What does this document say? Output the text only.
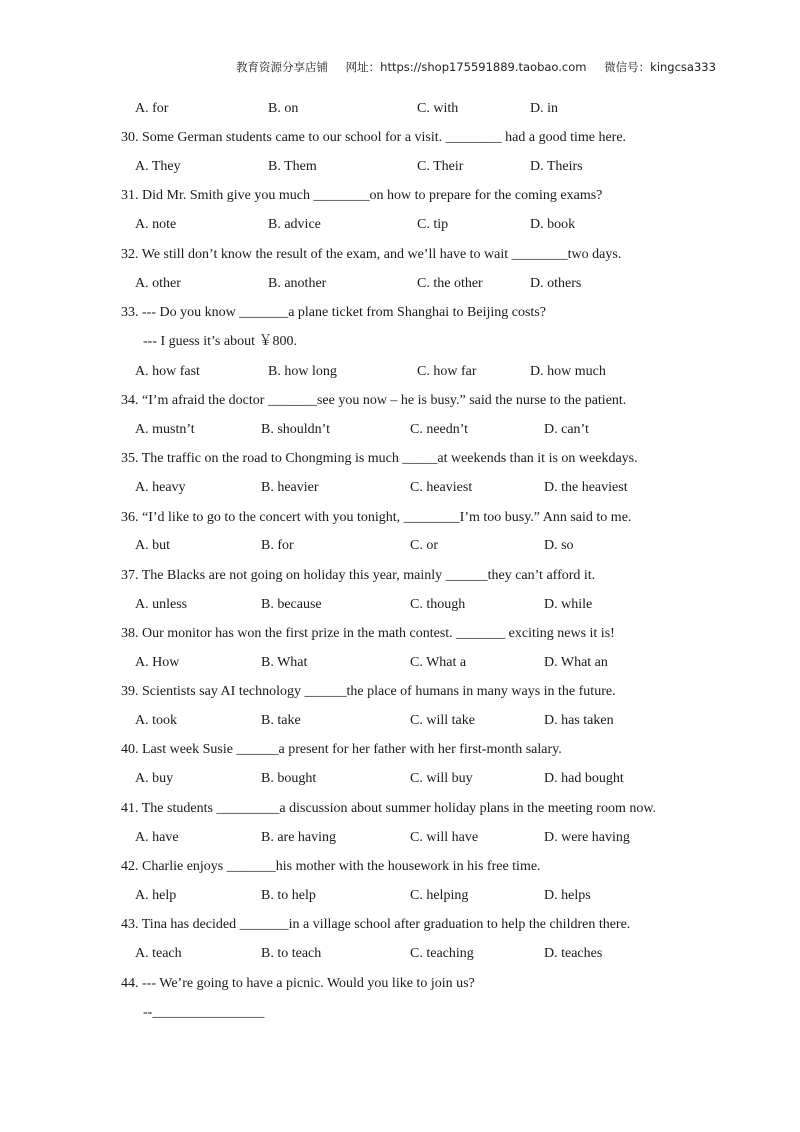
教育资源分享店铺 网址：https://shop175591889.taobao.com 微信号：kingcsa333
A. for	B. on	C. with	D. in
30. Some German students came to our school for a visit. ________ had a good time here.
A. They	B. Them	C. Their	D. Theirs
31. Did Mr. Smith give you much ________on how to prepare for the coming exams?
A. note	B. advice	C. tip	D. book
32. We still don’t know the result of the exam, and we’ll have to wait ________two days.
A. other	B. another	C. the other	D. others
33. --- Do you know _______a plane ticket from Shanghai to Beijing costs?
--- I guess it’s about ￥800.
A. how fast	B. how long	C. how far	D. how much
34. “I’m afraid the doctor _______see you now – he is busy.” said the nurse to the patient.
A. mustn’t	B. shouldn’t	C. needn’t	D. can’t
35. The traffic on the road to Chongming is much _____at weekends than it is on weekdays.
A. heavy	B. heavier	C. heaviest	D. the heaviest
36. “I’d like to go to the concert with you tonight, ________I’m too busy.” Ann said to me.
A. but	B. for	C. or	D. so
37. The Blacks are not going on holiday this year, mainly ______they can’t afford it.
A. unless	B. because	C. though	D. while
38. Our monitor has won the first prize in the math contest. _______ exciting news it is!
A. How	B. What	C. What a	D. What an
39. Scientists say AI technology ______the place of humans in many ways in the future.
A. took	B. take	C. will take	D. has taken
40. Last week Susie ______a present for her father with her first-month salary.
A. buy	B. bought	C. will buy	D. had bought
41. The students _________a discussion about summer holiday plans in the meeting room now.
A. have	B. are having	C. will have	D. were having
42. Charlie enjoys _______his mother with the housework in his free time.
A. help	B. to help	C. helping	D. helps
43. Tina has decided _______in a village school after graduation to help the children there.
A. teach	B. to teach	C. teaching	D. teaches
44. --- We’re going to have a picnic. Would you like to join us?
--________________
